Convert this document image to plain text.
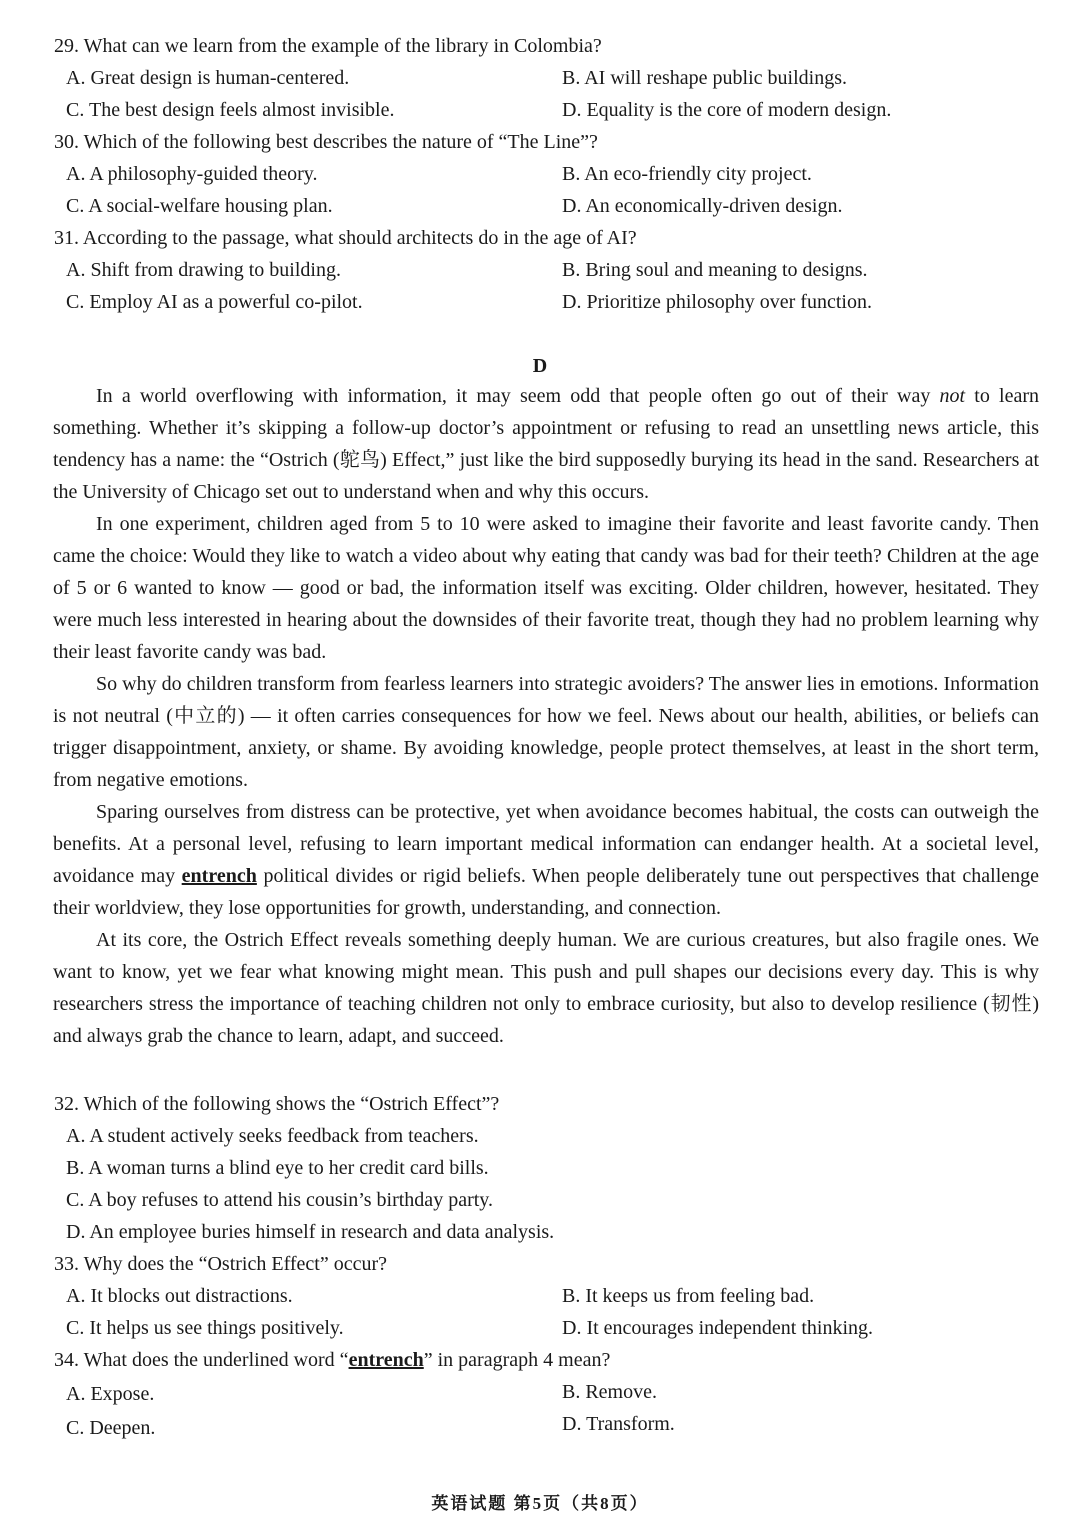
29. What can we learn from the example of the library in Colombia?
A. Great design is human-centered.	B. AI will reshape public buildings.
C. The best design feels almost invisible.	D. Equality is the core of modern design.
30. Which of the following best describes the nature of “The Line”?
A. A philosophy-guided theory.	B. An eco-friendly city project.
C. A social-welfare housing plan.	D. An economically-driven design.
31. According to the passage, what should architects do in the age of AI?
A. Shift from drawing to building.	B. Bring soul and meaning to designs.
C. Employ AI as a powerful co-pilot.	D. Prioritize philosophy over function.
D

In a world overflowing with information, it may seem odd that people often go out of their way not to learn something. Whether it’s skipping a follow-up doctor’s appointment or refusing to read an unsettling news article, this tendency has a name: the “Ostrich (鸵鸟) Effect,” just like the bird supposedly burying its head in the sand. Researchers at the University of Chicago set out to understand when and why this occurs.

In one experiment, children aged from 5 to 10 were asked to imagine their favorite and least favorite candy. Then came the choice: Would they like to watch a video about why eating that candy was bad for their teeth? Children at the age of 5 or 6 wanted to know — good or bad, the information itself was exciting. Older children, however, hesitated. They were much less interested in hearing about the downsides of their favorite treat, though they had no problem learning why their least favorite candy was bad.

So why do children transform from fearless learners into strategic avoiders? The answer lies in emotions. Information is not neutral (中立的) — it often carries consequences for how we feel. News about our health, abilities, or beliefs can trigger disappointment, anxiety, or shame. By avoiding knowledge, people protect themselves, at least in the short term, from negative emotions.

Sparing ourselves from distress can be protective, yet when avoidance becomes habitual, the costs can outweigh the benefits. At a personal level, refusing to learn important medical information can endanger health. At a societal level, avoidance may entrench political divides or rigid beliefs. When people deliberately tune out perspectives that challenge their worldview, they lose opportunities for growth, understanding, and connection.

At its core, the Ostrich Effect reveals something deeply human. We are curious creatures, but also fragile ones. We want to know, yet we fear what knowing might mean. This push and pull shapes our decisions every day. This is why researchers stress the importance of teaching children not only to embrace curiosity, but also to develop resilience (韧性) and always grab the chance to learn, adapt, and succeed.

32. Which of the following shows the “Ostrich Effect”?
A. A student actively seeks feedback from teachers.
B. A woman turns a blind eye to her credit card bills.
C. A boy refuses to attend his cousin’s birthday party.
D. An employee buries himself in research and data analysis.
33. Why does the “Ostrich Effect” occur?
A. It blocks out distractions.	B. It keeps us from feeling bad.
C. It helps us see things positively.	D. It encourages independent thinking.
34. What does the underlined word “entrench” in paragraph 4 mean?
A. Expose.	B. Remove.
C. Deepen.	D. Transform.
英语试题 第5页（共8页）
